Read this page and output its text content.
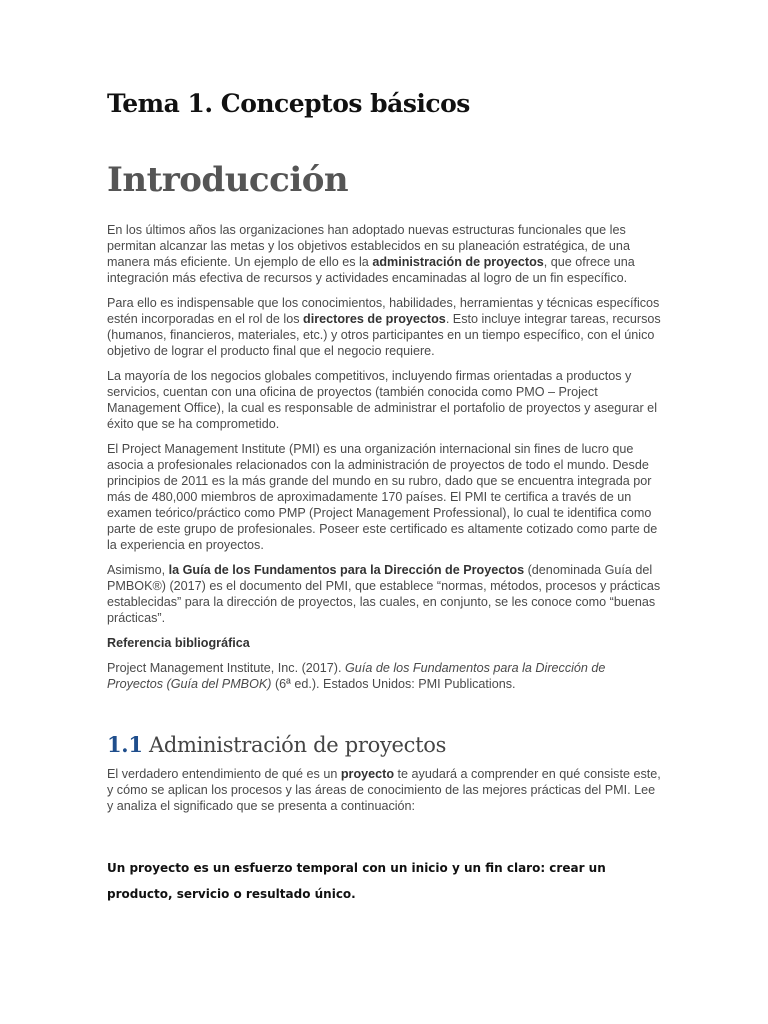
Tema 1. Conceptos básicos
Introducción

En los últimos años las organizaciones han adoptado nuevas estructuras funcionales que les permitan alcanzar las metas y los objetivos establecidos en su planeación estratégica, de una manera más eficiente. Un ejemplo de ello es la administración de proyectos, que ofrece una integración más efectiva de recursos y actividades encaminadas al logro de un fin específico.

Para ello es indispensable que los conocimientos, habilidades, herramientas y técnicas específicos estén incorporadas en el rol de los directores de proyectos. Esto incluye integrar tareas, recursos (humanos, financieros, materiales, etc.) y otros participantes en un tiempo específico, con el único objetivo de lograr el producto final que el negocio requiere.

La mayoría de los negocios globales competitivos, incluyendo firmas orientadas a productos y servicios, cuentan con una oficina de proyectos (también conocida como PMO – Project Management Office), la cual es responsable de administrar el portafolio de proyectos y asegurar el éxito que se ha comprometido.

El Project Management Institute (PMI) es una organización internacional sin fines de lucro que asocia a profesionales relacionados con la administración de proyectos de todo el mundo. Desde principios de 2011 es la más grande del mundo en su rubro, dado que se encuentra integrada por más de 480,000 miembros de aproximadamente 170 países. El PMI te certifica a través de un examen teórico/práctico como PMP (Project Management Professional), lo cual te identifica como parte de este grupo de profesionales. Poseer este certificado es altamente cotizado como parte de la experiencia en proyectos.

Asimismo, la Guía de los Fundamentos para la Dirección de Proyectos (denominada Guía del PMBOK®) (2017) es el documento del PMI, que establece “normas, métodos, procesos y prácticas establecidas” para la dirección de proyectos, las cuales, en conjunto, se les conoce como “buenas prácticas”.

Referencia bibliográfica

Project Management Institute, Inc. (2017). Guía de los Fundamentos para la Dirección de Proyectos (Guía del PMBOK) (6ª ed.). Estados Unidos: PMI Publications.

1.1 Administración de proyectos

El verdadero entendimiento de qué es un proyecto te ayudará a comprender en qué consiste este, y cómo se aplican los procesos y las áreas de conocimiento de las mejores prácticas del PMI. Lee y analiza el significado que se presenta a continuación:

Un proyecto es un esfuerzo temporal con un inicio y un fin claro: crear un producto, servicio o resultado único.
